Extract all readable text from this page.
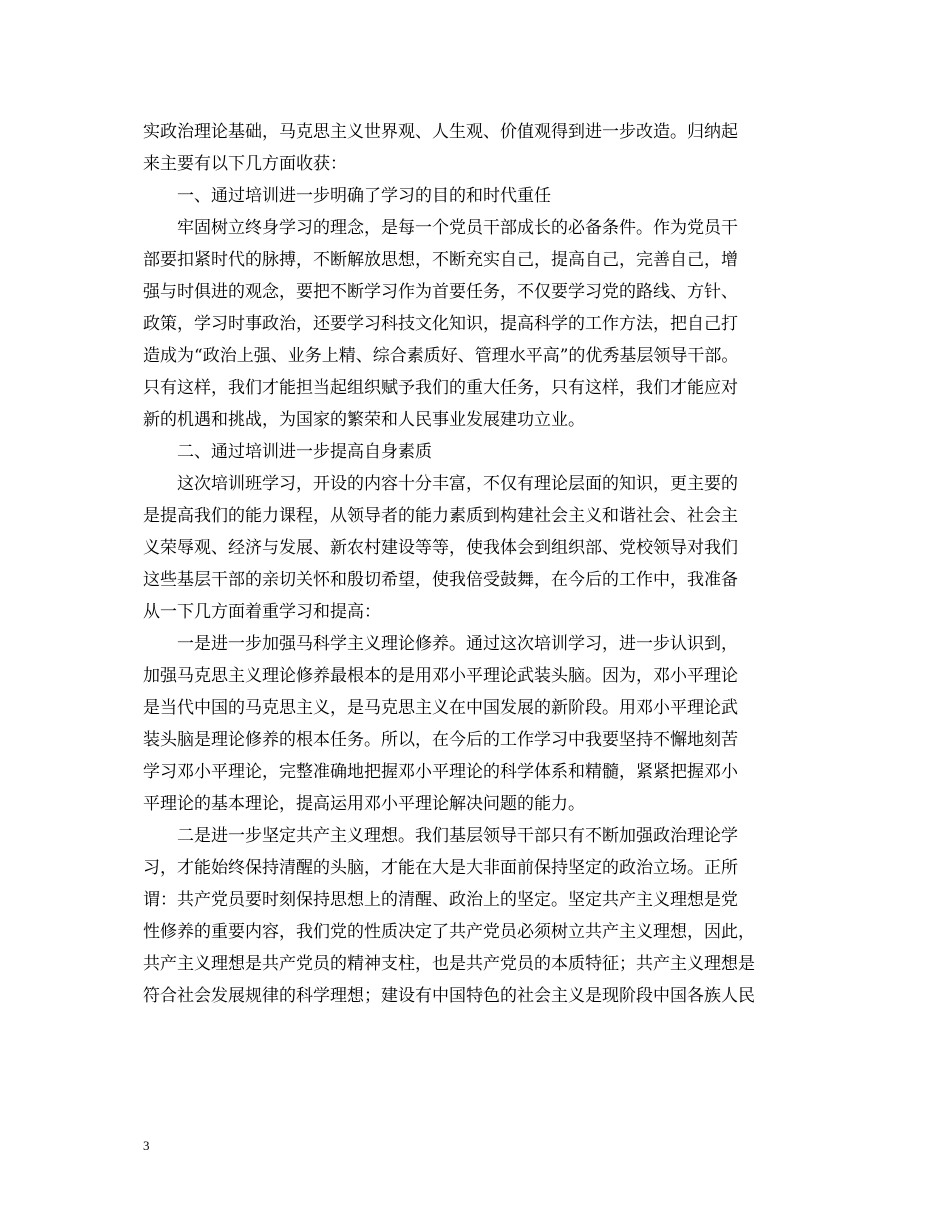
实政治理论基础，马克思主义世界观、人生观、价值观得到进一步改造。归纳起
来主要有以下几方面收获：
一、通过培训进一步明确了学习的目的和时代重任
牢固树立终身学习的理念，是每一个党员干部成长的必备条件。作为党员干
部要扣紧时代的脉搏，不断解放思想，不断充实自己，提高自己，完善自己，增
强与时俱进的观念，要把不断学习作为首要任务，不仅要学习党的路线、方针、
政策，学习时事政治，还要学习科技文化知识，提高科学的工作方法，把自己打
造成为“政治上强、业务上精、综合素质好、管理水平高”的优秀基层领导干部。
只有这样，我们才能担当起组织赋予我们的重大任务，只有这样，我们才能应对
新的机遇和挑战，为国家的繁荣和人民事业发展建功立业。
二、通过培训进一步提高自身素质
这次培训班学习，开设的内容十分丰富，不仅有理论层面的知识，更主要的
是提高我们的能力课程，从领导者的能力素质到构建社会主义和谐社会、社会主
义荣辱观、经济与发展、新农村建设等等，使我体会到组织部、党校领导对我们
这些基层干部的亲切关怀和殷切希望，使我倍受鼓舞，在今后的工作中，我准备
从一下几方面着重学习和提高：
一是进一步加强马科学主义理论修养。通过这次培训学习，进一步认识到，
加强马克思主义理论修养最根本的是用邓小平理论武装头脑。因为，邓小平理论
是当代中国的马克思主义，是马克思主义在中国发展的新阶段。用邓小平理论武
装头脑是理论修养的根本任务。所以，在今后的工作学习中我要坚持不懈地刻苦
学习邓小平理论，完整准确地把握邓小平理论的科学体系和精髓，紧紧把握邓小
平理论的基本理论，提高运用邓小平理论解决问题的能力。
二是进一步坚定共产主义理想。我们基层领导干部只有不断加强政治理论学
习，才能始终保持清醒的头脑，才能在大是大非面前保持坚定的政治立场。正所
谓：共产党员要时刻保持思想上的清醒、政治上的坚定。坚定共产主义理想是党
性修养的重要内容，我们党的性质决定了共产党员必须树立共产主义理想，因此，
共产主义理想是共产党员的精神支柱，也是共产党员的本质特征；共产主义理想是
符合社会发展规律的科学理想；建设有中国特色的社会主义是现阶段中国各族人民
3
